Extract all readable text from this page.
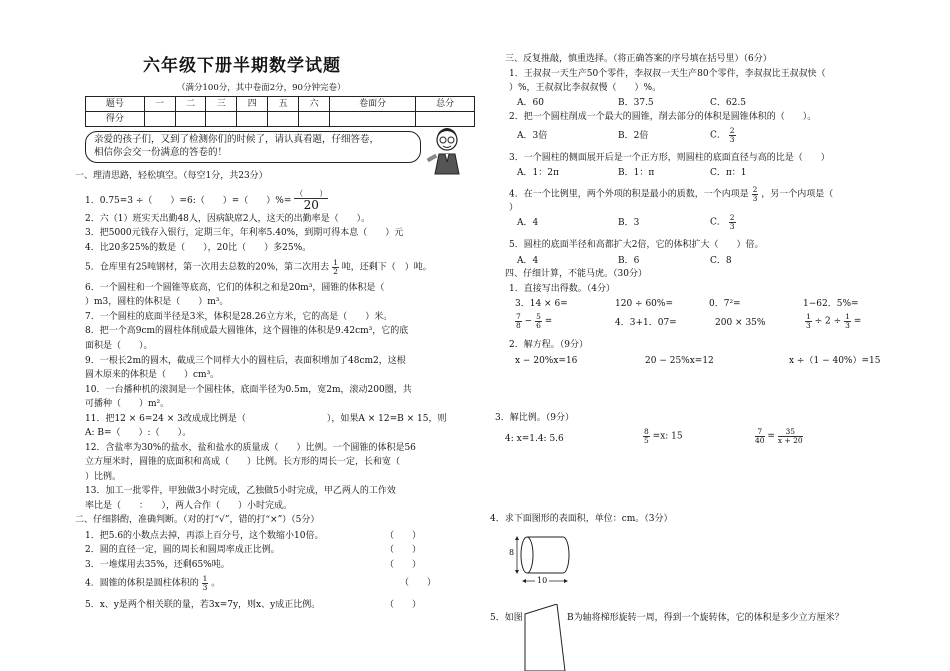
六年级下册半期数学试题
（满分100分，其中卷面2分，90分钟完卷）
题号	一	二	三	四	五	六	卷面分	总分
得分								
亲爱的孩子们，又到了检测你们的时候了，请认真看题，仔细答卷，
相信你会交一份满意的答卷的！
一、理清思路，轻松填空。（每空1分，共23分）
1．0.75=3 ÷（　　）=6:（　　）=（　　）%= $\frac{( )}{20}$
2．六（1）班实天出勤48人，因病缺席2人，这天的出勤率是（　　）。
3．把5000元钱存入银行，定期三年，年利率5.40%，到期可得本息（　　）元
4．比20多25%的数是（　　），20比（　　）多25%。
5．仓库里有25吨钢材，第一次用去总数的20%，第二次用去 $\frac{1}{2}$ 吨，还剩下（　）吨。
6．一个圆柱和一个圆锥等底高，它们的体积之和是20m³，圆锥的体积是（
）m3，圆柱的体积是（　　）m³。
7．一个圆柱的底面半径是3米，体积是28.26立方米，它的高是（　　）米。
8．把一个高9cm的圆柱体削成最大圆锥体，这个圆锥的体积是9.42cm³，它的底
面积是（　　）。
9．一根长2m的圆木，截成三个同样大小的圆柱后，表面积增加了48cm2，这根
圆木原来的体积是（　　）cm³。
10．一台播种机的滚洞是一个圆柱体，底面半径为0.5m，宽2m，滚动200圈，共
可播种（　　）m²。
11．把12 × 6=24 × 3改成成比例是（　　　　　　　　　），如果A × 12=B × 15，则
A: B=（　　）:（　　）。
12．含盐率为30%的盐水，盐和盐水的质量成（　　）比例。一个圆锥的体积是56
立方厘米时，圆锥的底面积和高成（　　）比例。长方形的周长一定，长和宽（
）比例。
13．加工一批零件，甲独做3小时完成，乙独做5小时完成，甲乙两人的工作效
率比是（　　：　　），两人合作（　　）小时完成。
二、仔细斟酌，准确判断。（对的打“√”，错的打“×”）（5分）
1．把5.6的小数点去掉，再添上百分号，这个数缩小10倍。	（　　）
2．圆的直径一定，圆的周长和圆周率成正比例。	（　　）
3．一堆煤用去35%，还剩65%吨。	（　　）
4．圆锥的体积是圆柱体积的 $\frac{1}{3}$ 。	（　　）
5．x、y是两个相关联的量，若3x=7y，则x、y成正比例。	（　　）
三、反复推敲，慎重选择。（将正确答案的序号填在括号里）（6分）
1．王叔叔一天生产50个零件，李叔叔一天生产80个零件，李叔叔比王叔叔快（
）%，王叔叔比李叔叔慢（　　）%。
A．60	B．37.5	C．62.5
2．把一个圆柱削成一个最大的圆锥，削去部分的体积是圆锥体积的（　　）。
A．3倍	B．2倍	C． $\frac{2}{3}$
3．一个圆柱的侧面展开后是一个正方形，则圆柱的底面直径与高的比是（　　）
A．1：2π	B．1：π	C．π：1
4．在一个比例里，两个外项的积是最小的质数，一个内项是 $\frac{2}{3}$ ，另一个内项是（
）
A．4	B．3	C． $\frac{2}{3}$
5．圆柱的底面半径和高都扩大2倍，它的体积扩大（　　）倍。
A．4	B．6	C．8
四、仔细计算，不能马虎。（30分）
1．直接写出得数。（4分）
3．14 × 6=	120 ÷ 60%=	0．7²=	1−62．5%=
$\frac{7}{8} - \frac{5}{6}$ =	4．3+1．07=	200 × 35%	$\frac{1}{3} \div 2 \div \frac{1}{3}$ =
2．解方程。（9分）
x − 20%x=16	20 − 25%x=12	x ÷（1 − 40%）=15
3．解比例。（9分）
4: x=1.4: 5.6	$\frac{8}{5} =x$: 15	$\frac{7}{40} = \frac{35}{x + 20}$
4．求下面图形的表面积，单位：cm。（3分）
8
10
5．如图	B为轴将梯形旋转一周，得到一个旋转体，它的体积是多少立方厘米？
